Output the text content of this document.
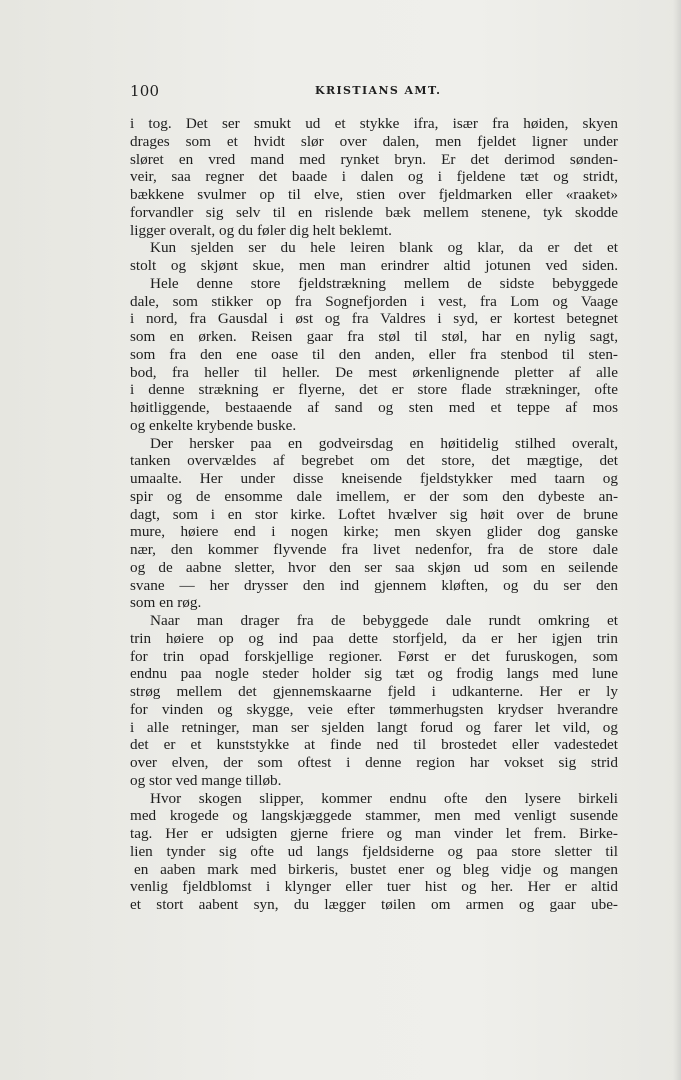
100	KRISTIANS AMT.
i tog. Det ser smukt ud et stykke ifra, især fra høiden, skyen
drages som et hvidt slør over dalen, men fjeldet ligner under
sløret en vred mand med rynket bryn. Er det derimod sønden-
veir, saa regner det baade i dalen og i fjeldene tæt og stridt,
bækkene svulmer op til elve, stien over fjeldmarken eller «raaket»
forvandler sig selv til en rislende bæk mellem stenene, tyk skodde
ligger overalt, og du føler dig helt beklemt.
Kun sjelden ser du hele leiren blank og klar, da er det et
stolt og skjønt skue, men man erindrer altid jotunen ved siden.
Hele denne store fjeldstrækning mellem de sidste bebyggede
dale, som stikker op fra Sognefjorden i vest, fra Lom og Vaage
i nord, fra Gausdal i øst og fra Valdres i syd, er kortest betegnet
som en ørken. Reisen gaar fra støl til støl, har en nylig sagt,
som fra den ene oase til den anden, eller fra stenbod til sten-
bod, fra heller til heller. De mest ørkenlignende pletter af alle
i denne strækning er flyerne, det er store flade strækninger, ofte
høitliggende, bestaaende af sand og sten med et teppe af mos
og enkelte krybende buske.
Der hersker paa en godveirsdag en høitidelig stilhed overalt,
tanken overvældes af begrebet om det store, det mægtige, det
umaalte. Her under disse kneisende fjeldstykker med taarn og
spir og de ensomme dale imellem, er der som den dybeste an-
dagt, som i en stor kirke. Loftet hvælver sig høit over de brune
mure, høiere end i nogen kirke; men skyen glider dog ganske
nær, den kommer flyvende fra livet nedenfor, fra de store dale
og de aabne sletter, hvor den ser saa skjøn ud som en seilende
svane — her drysser den ind gjennem kløften, og du ser den
som en røg.
Naar man drager fra de bebyggede dale rundt omkring et
trin høiere op og ind paa dette storfjeld, da er her igjen trin
for trin opad forskjellige regioner. Først er det furuskogen, som
endnu paa nogle steder holder sig tæt og frodig langs med lune
strøg mellem det gjennemskaarne fjeld i udkanterne. Her er ly
for vinden og skygge, veie efter tømmerhugsten krydser hverandre
i alle retninger, man ser sjelden langt forud og farer let vild, og
det er et kunststykke at finde ned til brostedet eller vadestedet
over elven, der som oftest i denne region har vokset sig strid
og stor ved mange tilløb.
Hvor skogen slipper, kommer endnu ofte den lysere birkeli
med krogede og langskjæggede stammer, men med venligt susende
tag. Her er udsigten gjerne friere og man vinder let frem. Birke-
lien tynder sig ofte ud langs fjeldsiderne og paa store sletter til
en aaben mark med birkeris, bustet ener og bleg vidje og mangen
venlig fjeldblomst i klynger eller tuer hist og her. Her er altid
et stort aabent syn, du lægger tøilen om armen og gaar ube-
